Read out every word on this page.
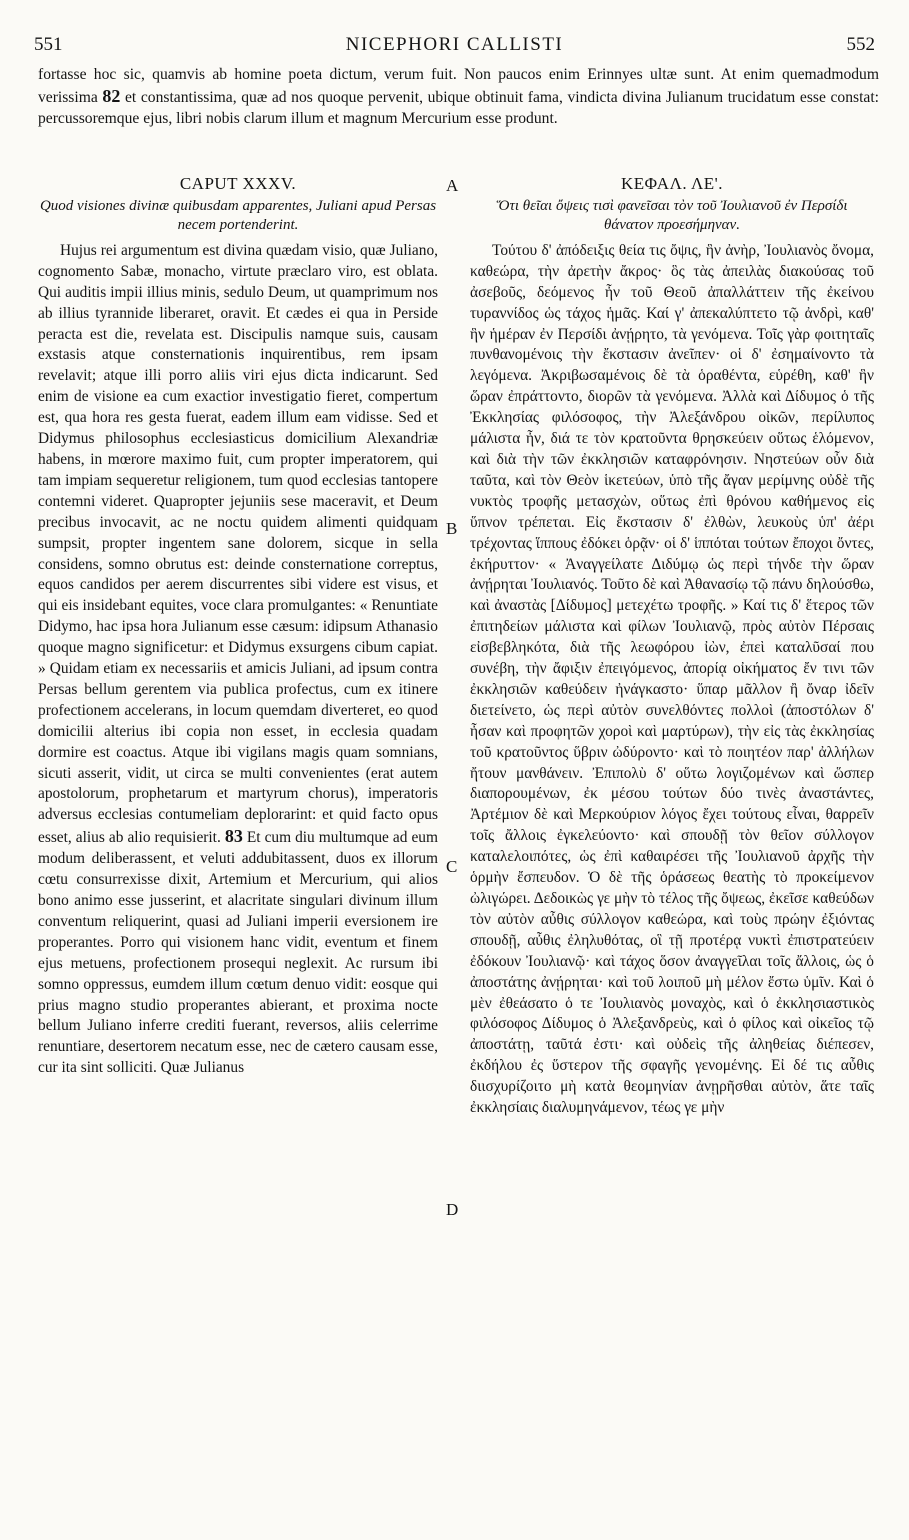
551	NICEPHORI CALLISTI	552
fortasse hoc sic, quamvis ab homine poeta dictum, verum fuit. Non paucos enim Erinnyes ultæ sunt. At enim quemadmodum verissima 82 et constantissima, quæ ad nos quoque pervenit, ubique obtinuit fama, vindicta divina Julianum trucidatum esse constat: percussoremque ejus, libri nobis clarum illum et magnum Mercurium esse produnt.
CAPUT XXXV.
Quod visiones divinæ quibusdam apparentes, Juliani apud Persas necem portenderint.

Hujus rei argumentum est divina quædam visio, quæ Juliano, cognomento Sabæ, monacho, virtute præclaro viro, est oblata. Qui auditis impii illius minis, sedulo Deum, ut quamprimum nos ab illius tyrannide liberaret, oravit. Et cædes ei qua in Perside peracta est die, revelata est. Discipulis namque suis, causam exstasis atque consternationis inquirentibus, rem ipsam revelavit; atque illi porro aliis viri ejus dicta indicarunt. Sed enim de visione ea cum exactior investigatio fieret, compertum est, qua hora res gesta fuerat, eadem illum eam vidisse. Sed et Didymus philosophus ecclesiasticus domicilium Alexandriæ habens, in mœrore maximo fuit, cum propter imperatorem, qui tam impiam sequeretur religionem, tum quod ecclesias tantopere contemni videret. Quapropter jejuniis sese maceravit, et Deum precibus invocavit, ac ne noctu quidem alimenti quidquam sumpsit, propter ingentem sane dolorem, sicque in sella considens, somno obrutus est: deinde consternatione correptus, equos candidos per aerem discurrentes sibi videre est visus, et qui eis insidebant equites, voce clara promulgantes: « Renuntiate Didymo, hac ipsa hora Julianum esse cæsum: idipsum Athanasio quoque magno significetur: et Didymus exsurgens cibum capiat. » Quidam etiam ex necessariis et amicis Juliani, ad ipsum contra Persas bellum gerentem via publica profectus, cum ex itinere profectionem accelerans, in locum quemdam diverteret, eo quod domicilii alterius ibi copia non esset, in ecclesia quadam dormire est coactus. Atque ibi vigilans magis quam somnians, sicuti asserit, vidit, ut circa se multi convenientes (erat autem apostolorum, prophetarum et martyrum chorus), imperatoris adversus ecclesias contumeliam deplorarint: et quid facto opus esset, alius ab alio requisierit. 83 Et cum diu multumque ad eum modum deliberassent, et veluti addubitassent, duos ex illorum cœtu consurrexisse dixit, Artemium et Mercurium, qui alios bono animo esse jusserint, et alacritate singulari divinum illum conventum reliquerint, quasi ad Juliani imperii eversionem ire properantes. Porro qui visionem hanc vidit, eventum et finem ejus metuens, profectionem prosequi neglexit. Ac rursum ibi somno oppressus, eumdem illum cœtum denuo vidit: eosque qui prius magno studio properantes abierant, et proxima nocte bellum Juliano inferre crediti fuerant, reversos, aliis celerrime renuntiare, desertorem necatum esse, nec de cætero causam esse, cur ita sint solliciti. Quæ Julianus

A
B
C
D
ΚΕΦΑΛ. ΛΕ'.
Ὅτι θεῖαι ὄψεις τισὶ φανεῖσαι τὸν τοῦ Ἰουλιανοῦ ἐν Περσίδι θάνατον προεσήμηναν.

Τούτου δ' ἀπόδειξις θεία τις ὄψις, ἣν ἀνὴρ, Ἰουλιανὸς ὄνομα, καθεώρα, τὴν ἀρετὴν ἄκρος· ὃς τὰς ἀπειλὰς διακούσας τοῦ ἀσεβοῦς, δεόμενος ἦν τοῦ Θεοῦ ἀπαλλάττειν τῆς ἐκείνου τυραννίδος ὡς τάχος ἡμᾶς. Καί γ' ἀπεκαλύπτετο τῷ ἀνδρὶ, καθ' ἣν ἡμέραν ἐν Περσίδι ἀνῄρητο, τὰ γενόμενα. Τοῖς γὰρ φοιτηταῖς πυνθανομένοις τὴν ἔκστασιν ἀνεῖπεν· οἱ δ' ἐσημαίνοντο τὰ λεγόμενα. Ἀκριβωσαμένοις δὲ τὰ ὁραθέντα, εὑρέθη, καθ' ἣν ὥραν ἐπράττοντο, διορῶν τὰ γενόμενα. Ἀλλὰ καὶ Δίδυμος ὁ τῆς Ἐκκλησίας φιλόσοφος, τὴν Ἀλεξάνδρου οἰκῶν, περίλυπος μάλιστα ἦν, διά τε τὸν κρατοῦντα θρησκεύειν οὕτως ἑλόμενον, καὶ διὰ τὴν τῶν ἐκκλησιῶν καταφρόνησιν. Νηστεύων οὖν διὰ ταῦτα, καὶ τὸν Θεὸν ἱκετεύων, ὑπὸ τῆς ἄγαν μερίμνης οὐδὲ τῆς νυκτὸς τροφῆς μετασχὼν, οὕτως ἐπὶ θρόνου καθήμενος εἰς ὕπνον τρέπεται. Εἰς ἔκστασιν δ' ἐλθὼν, λευκοὺς ὑπ' ἀέρι τρέχοντας ἵππους ἐδόκει ὁρᾷν· οἱ δ' ἱππόται τούτων ἔποχοι ὄντες, ἐκήρυττον· « Ἀναγγείλατε Διδύμῳ ὡς περὶ τήνδε τὴν ὥραν ἀνῄρηται Ἰουλιανός. Τοῦτο δὲ καὶ Ἀθανασίῳ τῷ πάνυ δηλούσθω, καὶ ἀναστὰς [Δίδυμος] μετεχέτω τροφῆς. » Καί τις δ' ἕτερος τῶν ἐπιτηδείων μάλιστα καὶ φίλων Ἰουλιανῷ, πρὸς αὐτὸν Πέρσαις εἰσβεβληκότα, διὰ τῆς λεωφόρου ἰὼν, ἐπεὶ καταλῦσαί που συνέβη, τὴν ἄφιξιν ἐπειγόμενος, ἀπορίᾳ οἰκήματος ἔν τινι τῶν ἐκκλησιῶν καθεύδειν ἠνάγκαστο· ὕπαρ μᾶλλον ἢ ὄναρ ἰδεῖν διετείνετο, ὡς περὶ αὐτὸν συνελθόντες πολλοὶ (ἀποστόλων δ' ἦσαν καὶ προφητῶν χοροὶ καὶ μαρτύρων), τὴν εἰς τὰς ἐκκλησίας τοῦ κρατοῦντος ὕβριν ὠδύροντο· καὶ τὸ ποιητέον παρ' ἀλλήλων ἤτουν μανθάνειν. Ἐπιπολὺ δ' οὕτω λογιζομένων καὶ ὥσπερ διαπορουμένων, ἐκ μέσου τούτων δύο τινὲς ἀναστάντες, Ἀρτέμιον δὲ καὶ Μερκούριον λόγος ἔχει τούτους εἶναι, θαρρεῖν τοῖς ἄλλοις ἐγκελεύοντο· καὶ σπουδῇ τὸν θεῖον σύλλογον καταλελοιπότες, ὡς ἐπὶ καθαιρέσει τῆς Ἰουλιανοῦ ἀρχῆς τὴν ὁρμὴν ἔσπευδον. Ὁ δὲ τῆς ὁράσεως θεατὴς τὸ προκείμενον ὠλιγώρει. Δεδοικὼς γε μὴν τὸ τέλος τῆς ὄψεως, ἐκεῖσε καθεύδων τὸν αὐτὸν αὖθις σύλλογον καθεώρα, καὶ τοὺς πρώην ἐξιόντας σπουδῇ, αὖθις ἐληλυθότας, οἳ τῇ προτέρᾳ νυκτὶ ἐπιστρατεύειν ἐδόκουν Ἰουλιανῷ· καὶ τάχος ὅσον ἀναγγεῖλαι τοῖς ἄλλοις, ὡς ὁ ἀποστάτης ἀνῄρηται· καὶ τοῦ λοιποῦ μὴ μέλον ἔστω ὑμῖν. Καὶ ὁ μὲν ἐθεάσατο ὁ τε Ἰουλιανὸς μοναχὸς, καὶ ὁ ἐκκλησιαστικὸς φιλόσοφος Δίδυμος ὁ Ἀλεξανδρεὺς, καὶ ὁ φίλος καὶ οἰκεῖος τῷ ἀποστάτῃ, ταῦτά ἐστι· καὶ οὐδεὶς τῆς ἀληθείας διέπεσεν, ἐκδήλου ἐς ὕστερον τῆς σφαγῆς γενομένης. Εἰ δέ τις αὖθις διισχυρίζοιτο μὴ κατὰ θεομηνίαν ἀνῃρῆσθαι αὐτὸν, ἅτε ταῖς ἐκκλησίαις διαλυμηνάμενον, τέως γε μὴν
